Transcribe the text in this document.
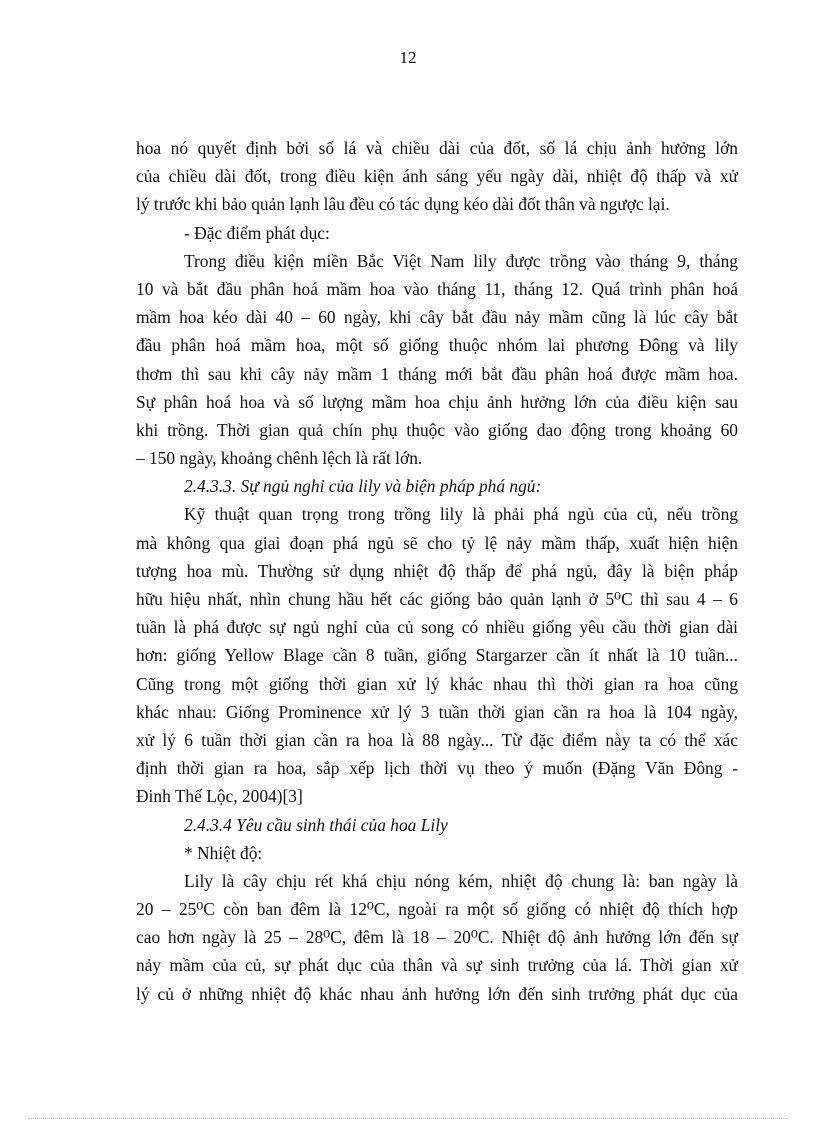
12
hoa nó quyết định bởi số lá và chiều dài của đốt, số lá chịu ảnh hưởng lớn
của chiều dài đốt, trong điều kiện ánh sáng yếu ngày dài, nhiệt độ thấp và xử
lý trước khi bảo quản lạnh lâu đều có tác dụng kéo dài đốt thân và ngược lại.
- Đặc điểm phát dục:
Trong điều kiện miền Bắc Việt Nam lily được trồng vào tháng 9, tháng
10 và bắt đầu phân hoá mầm hoa vào tháng 11, tháng 12. Quá trình phân hoá
mầm hoa kéo dài 40 – 60 ngày, khi cây bắt đầu nảy mầm cũng là lúc cây bắt
đầu phân hoá mầm hoa, một số giống thuộc nhóm lai phương Đông và lily
thơm thì sau khi cây nảy mầm 1 tháng mới bắt đầu phân hoá được mầm hoa.
Sự phân hoá hoa và số lượng mầm hoa chịu ảnh hưởng lớn của điều kiện sau
khi trồng. Thời gian quả chín phụ thuộc vào giống dao động trong khoảng 60
– 150 ngày, khoảng chênh lệch là rất lớn.
2.4.3.3. Sự ngủ nghỉ của lily và biện pháp phá ngủ:
Kỹ thuật quan trọng trong trồng lily là phải phá ngủ của củ, nếu trồng
mà không qua giai đoạn phá ngủ sẽ cho tỷ lệ nảy mầm thấp, xuất hiện hiện
tượng hoa mù. Thường sử dụng nhiệt độ thấp để phá ngủ, đây là biện pháp
hữu hiệu nhất, nhìn chung hầu hết các giống bảo quản lạnh ở 5⁰C thì sau 4 – 6
tuần là phá được sự ngủ nghỉ của củ song có nhiều giống yêu cầu thời gian dài
hơn: giống Yellow Blage cần 8 tuần, giống Stargarzer cần ít nhất là 10 tuần...
Cũng trong một giống thời gian xử lý khác nhau thì thời gian ra hoa cũng
khác nhau: Giống Prominence xử lý 3 tuần thời gian cần ra hoa là 104 ngày,
xử lý 6 tuần thời gian cần ra hoa là 88 ngày... Từ đặc điểm này ta có thể xác
định thời gian ra hoa, sắp xếp lịch thời vụ theo ý muốn (Đặng Văn Đông -
Đinh Thế Lộc, 2004)[3]
2.4.3.4 Yêu cầu sinh thái của hoa Lily
* Nhiệt độ:
Lily là cây chịu rét khá chịu nóng kém, nhiệt độ chung là: ban ngày là
20 – 25⁰C còn ban đêm là 12⁰C, ngoài ra một số giống có nhiệt độ thích hợp
cao hơn ngày là 25 – 28⁰C, đêm là 18 – 20⁰C. Nhiệt độ ảnh hưởng lớn đến sự
nảy mầm của củ, sự phát dục của thân và sự sinh trưởng của lá. Thời gian xử
lý củ ở những nhiệt độ khác nhau ảnh hưởng lớn đến sinh trưởng phát dục của
